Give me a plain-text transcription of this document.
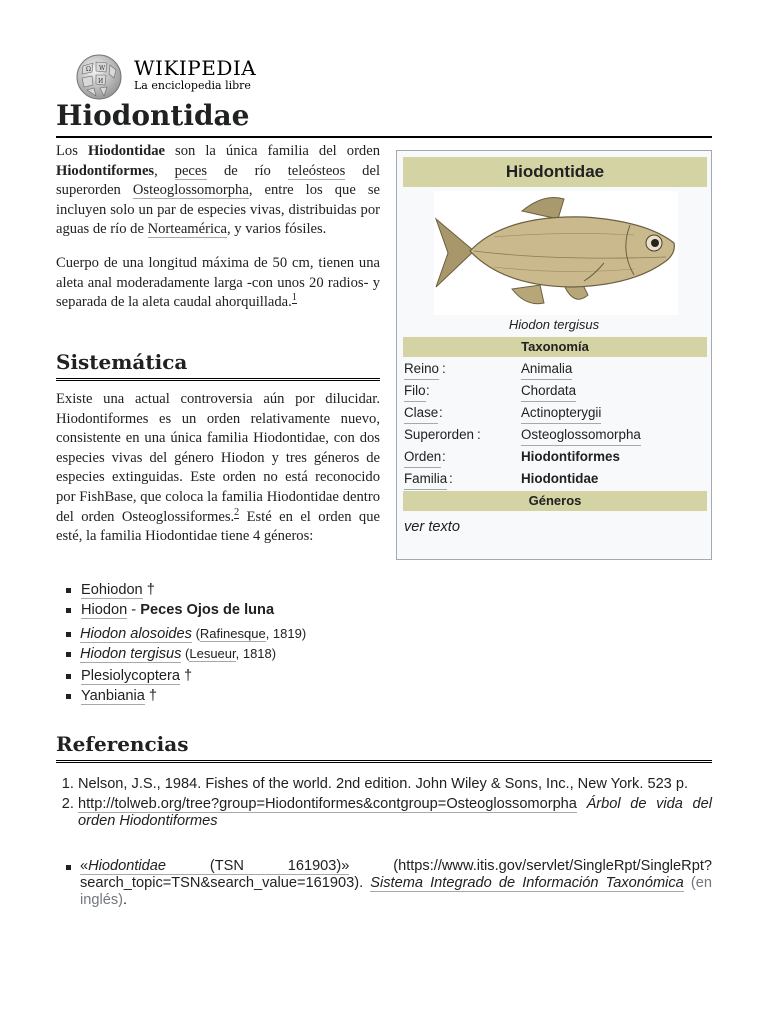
Ω W
И
WIKIPEDIA
La enciclopedia libre
Hiodontidae

Los Hiodontidae son la única familia del orden Hiodontiformes, peces de río teleósteos del superorden Osteoglossomorpha, entre los que se incluyen solo un par de especies vivas, distribuidas por aguas de río de Norteamérica, y varios fósiles.

Cuerpo de una longitud máxima de 50 cm, tienen una aleta anal moderadamente larga -con unos 20 radios- y separada de la aleta caudal ahorquillada.$^1$

Sistemática

Existe una actual controversia aún por dilucidar. Hiodontiformes es un orden relativamente nuevo, consistente en una única familia Hiodontidae, con dos especies vivas del género Hiodon y tres géneros de especies extinguidas. Este orden no está reconocido por FishBase, que coloca la familia Hiodontidae dentro del orden Osteoglossiformes.$^2$ Esté en el orden que esté, la familia Hiodontidae tiene 4 géneros:

Eohiodon †
Hiodon - Peces Ojos de luna
Hiodon alosoides (Rafinesque, 1819)
Hiodon tergisus (Lesueur, 1818)
Plesiolycoptera †
Yanbiania †
Hiodontidae
Hiodon tergisus
Taxonomía
Reino :	Animalia
Filo :	Chordata
Clase :	Actinopterygii
Superorden :	Osteoglossomorpha
Orden :	Hiodontiformes
Familia :	Hiodontidae
Géneros
ver texto
Referencias
1. Nelson, J.S., 1984. Fishes of the world. 2nd edition. John Wiley & Sons, Inc., New York. 523 p.
2. http://tolweb.org/tree?group=Hiodontiformes&contgroup=Osteoglossomorpha Árbol de vida del orden Hiodontiformes
«Hiodontidae (TSN 161903)» (https://www.itis.gov/servlet/SingleRpt/SingleRpt?search_topic=TSN&search_value=161903). Sistema Integrado de Información Taxonómica (en inglés).
